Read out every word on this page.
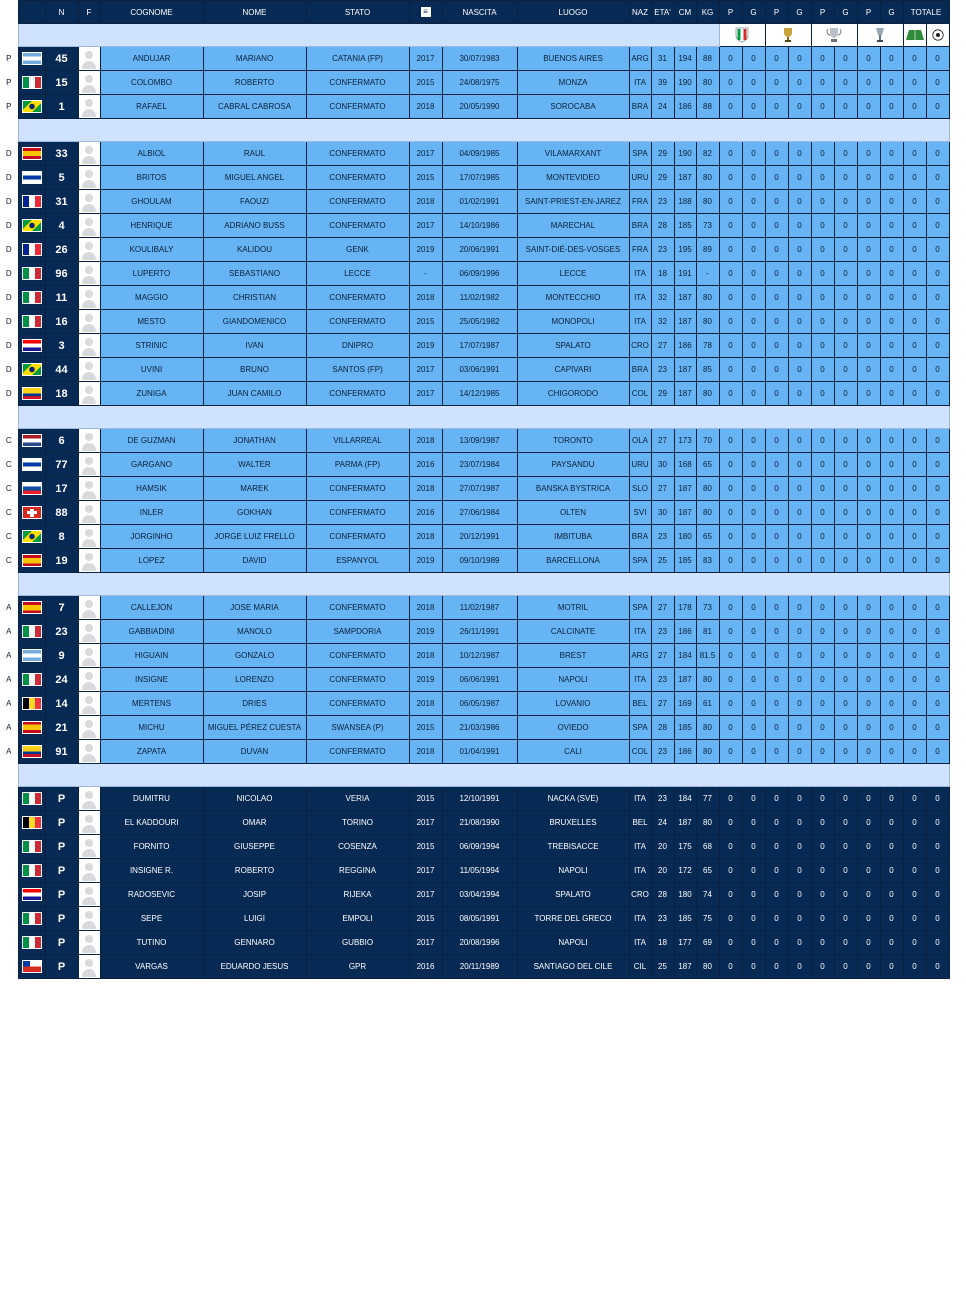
		N	F	COGNOME	NOME	STATO	≡	NASCITA	LUOGO	NAZ	ETA'	CM	KG	P	G	P	G	P	G	P	G	TOTALE	

P		45		ANDUJAR	MARIANO	CATANIA (FP)	2017	30/07/1983	BUENOS AIRES	ARG	31	194	88	0	0	0	0	0	0	0	0	0	0
P		15		COLOMBO	ROBERTO	CONFERMATO	2015	24/08/1975	MONZA	ITA	39	190	80	0	0	0	0	0	0	0	0	0	0
P		1		RAFAEL	CABRAL CABROSA	CONFERMATO	2018	20/05/1990	SOROCABA	BRA	24	186	88	0	0	0	0	0	0	0	0	0	0

D		33		ALBIOL	RAUL	CONFERMATO	2017	04/09/1985	VILAMARXANT	SPA	29	190	82	0	0	0	0	0	0	0	0	0	0
D		5		BRITOS	MIGUEL ANGEL	CONFERMATO	2015	17/07/1985	MONTEVIDEO	URU	29	187	80	0	0	0	0	0	0	0	0	0	0
D		31		GHOULAM	FAOUZI	CONFERMATO	2018	01/02/1991	SAINT-PRIEST-EN-JAREZ	FRA	23	188	80	0	0	0	0	0	0	0	0	0	0
D		4		HENRIQUE	ADRIANO BUSS	CONFERMATO	2017	14/10/1986	MARECHAL	BRA	28	185	73	0	0	0	0	0	0	0	0	0	0
D		26		KOULIBALY	KALIDOU	GENK	2019	20/06/1991	SAINT-DIÉ-DES-VOSGES	FRA	23	195	89	0	0	0	0	0	0	0	0	0	0
D		96		LUPERTO	SEBASTIANO	LECCE	-	06/09/1996	LECCE	ITA	18	191	-	0	0	0	0	0	0	0	0	0	0
D		11		MAGGIO	CHRISTIAN	CONFERMATO	2018	11/02/1982	MONTECCHIO	ITA	32	187	80	0	0	0	0	0	0	0	0	0	0
D		16		MESTO	GIANDOMENICO	CONFERMATO	2015	25/05/1982	MONOPOLI	ITA	32	187	80	0	0	0	0	0	0	0	0	0	0
D		3		STRINIC	IVAN	DNIPRO	2019	17/07/1987	SPALATO	CRO	27	186	78	0	0	0	0	0	0	0	0	0	0
D		44		UVINI	BRUNO	SANTOS (FP)	2017	03/06/1991	CAPIVARI	BRA	23	187	85	0	0	0	0	0	0	0	0	0	0
D		18		ZUNIGA	JUAN CAMILO	CONFERMATO	2017	14/12/1985	CHIGORODO	COL	29	187	80	0	0	0	0	0	0	0	0	0	0

C		6		DE GUZMAN	JONATHAN	VILLARREAL	2018	13/09/1987	TORONTO	OLA	27	173	70	0	0	0	0	0	0	0	0	0	0
C		77		GARGANO	WALTER	PARMA (FP)	2016	23/07/1984	PAYSANDU	URU	30	168	65	0	0	0	0	0	0	0	0	0	0
C		17		HAMSIK	MAREK	CONFERMATO	2018	27/07/1987	BANSKA BYSTRICA	SLO	27	187	80	0	0	0	0	0	0	0	0	0	0
C		88		INLER	GOKHAN	CONFERMATO	2016	27/06/1984	OLTEN	SVI	30	187	80	0	0	0	0	0	0	0	0	0	0
C		8		JORGINHO	JORGE LUIZ FRELLO	CONFERMATO	2018	20/12/1991	IMBITUBA	BRA	23	180	65	0	0	0	0	0	0	0	0	0	0
C		19		LOPEZ	DAVID	ESPANYOL	2019	09/10/1989	BARCELLONA	SPA	25	185	83	0	0	0	0	0	0	0	0	0	0

A		7		CALLEJON	JOSE MARIA	CONFERMATO	2018	11/02/1987	MOTRIL	SPA	27	178	73	0	0	0	0	0	0	0	0	0	0
A		23		GABBIADINI	MANOLO	SAMPDORIA	2019	26/11/1991	CALCINATE	ITA	23	186	81	0	0	0	0	0	0	0	0	0	0
A		9		HIGUAIN	GONZALO	CONFERMATO	2018	10/12/1987	BREST	ARG	27	184	81.5	0	0	0	0	0	0	0	0	0	0
A		24		INSIGNE	LORENZO	CONFERMATO	2019	06/06/1991	NAPOLI	ITA	23	187	80	0	0	0	0	0	0	0	0	0	0
A		14		MERTENS	DRIES	CONFERMATO	2018	06/05/1987	LOVANIO	BEL	27	169	61	0	0	0	0	0	0	0	0	0	0
A		21		MICHU	MIGUEL PÉREZ CUESTA	SWANSEA (P)	2015	21/03/1986	OVIEDO	SPA	28	185	80	0	0	0	0	0	0	0	0	0	0
A		91		ZAPATA	DUVAN	CONFERMATO	2018	01/04/1991	CALI	COL	23	186	80	0	0	0	0	0	0	0	0	0	0

A		P		DUMITRU	NICOLAO	VERIA	2015	12/10/1991	NACKA (SVE)	ITA	23	184	77	0	0	0	0	0	0	0	0	0	0
C		P		EL KADDOURI	OMAR	TORINO	2017	21/08/1990	BRUXELLES	BEL	24	187	80	0	0	0	0	0	0	0	0	0	0
C		P		FORNITO	GIUSEPPE	COSENZA	2015	06/09/1994	TREBISACCE	ITA	20	175	68	0	0	0	0	0	0	0	0	0	0
A		P		INSIGNE R.	ROBERTO	REGGINA	2017	11/05/1994	NAPOLI	ITA	20	172	65	0	0	0	0	0	0	0	0	0	0
C		P		RADOSEVIC	JOSIP	RIJEKA	2017	03/04/1994	SPALATO	CRO	28	180	74	0	0	0	0	0	0	0	0	0	0
P		P		SEPE	LUIGI	EMPOLI	2015	08/05/1991	TORRE DEL GRECO	ITA	23	185	75	0	0	0	0	0	0	0	0	0	0
A		P		TUTINO	GENNARO	GUBBIO	2017	20/08/1996	NAPOLI	ITA	18	177	69	0	0	0	0	0	0	0	0	0	0
A		P		VARGAS	EDUARDO JESUS	GPR	2016	20/11/1989	SANTIAGO DEL CILE	CIL	25	187	80	0	0	0	0	0	0	0	0	0	0
